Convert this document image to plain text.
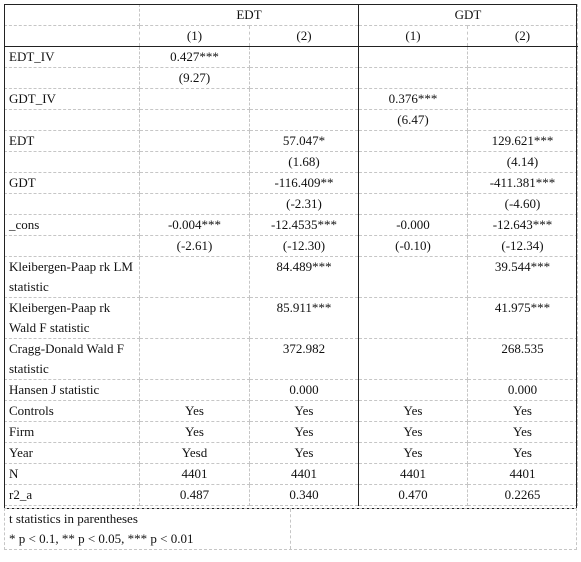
	EDT		GDT	
	(1)	(2)	(1)	(2)
EDT_IV	0.427***			
	(9.27)			
GDT_IV			0.376***	
			(6.47)	
EDT		57.047*		129.621***
		(1.68)		(4.14)
GDT		-116.409**		-411.381***
		(-2.31)		(-4.60)
_cons	-0.004***	-12.4535***	-0.000	-12.643***
	(-2.61)	(-12.30)	(-0.10)	(-12.34)
Kleibergen-Paap rk LM statistic		84.489***		39.544***
Kleibergen-Paap rk Wald F statistic		85.911***		41.975***
Cragg-Donald Wald F statistic		372.982		268.535
Hansen J statistic		0.000		0.000
Controls	Yes	Yes	Yes	Yes
Firm	Yes	Yes	Yes	Yes
Year	Yesd	Yes	Yes	Yes
N	4401	4401	4401	4401
r2_a	0.487	0.340	0.470	0.2265
t statistics in parentheses
* p < 0.1, ** p < 0.05, *** p < 0.01
